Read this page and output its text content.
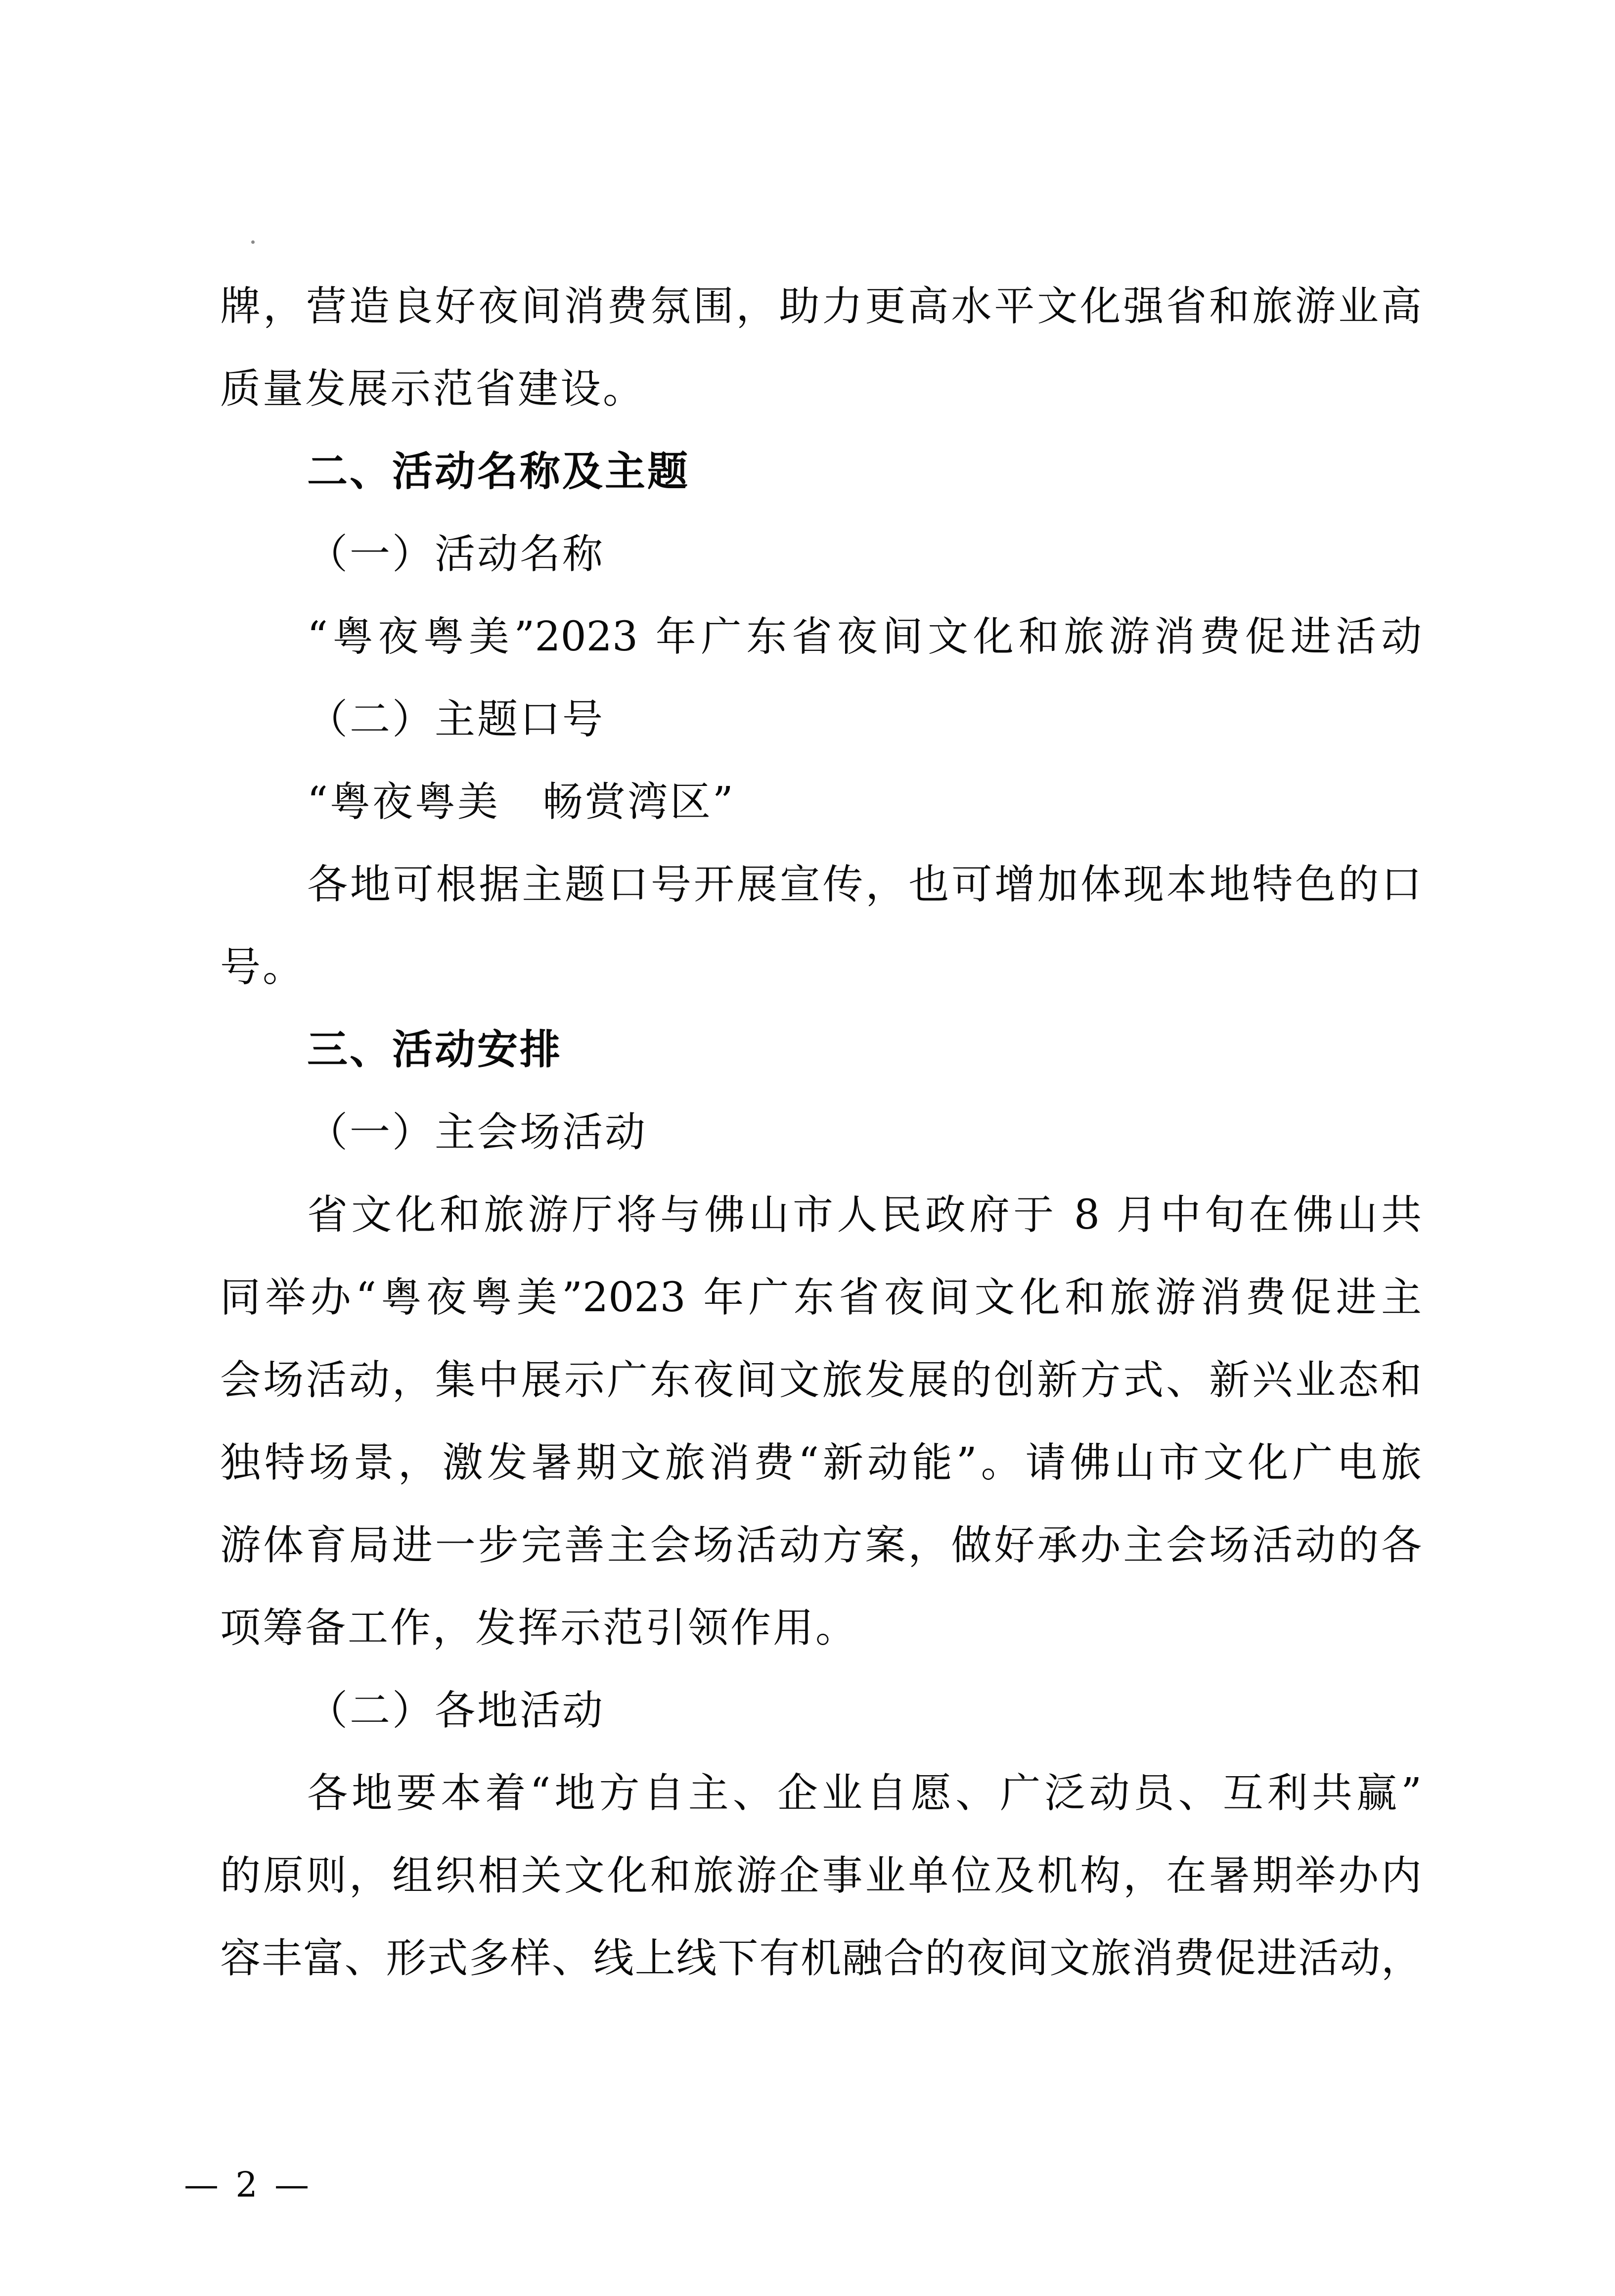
牌，营造良好夜间消费氛围，助力更高水平文化强省和旅游业高
质量发展示范省建设。
二、活动名称及主题
（一）活动名称
“粤夜粤美”2023 年广东省夜间文化和旅游消费促进活动
（二）主题口号
“粤夜粤美　畅赏湾区”
各地可根据主题口号开展宣传，也可增加体现本地特色的口
号。
三、活动安排
（一）主会场活动
省文化和旅游厅将与佛山市人民政府于 8 月中旬在佛山共
同举办“粤夜粤美”2023 年广东省夜间文化和旅游消费促进主
会场活动，集中展示广东夜间文旅发展的创新方式、新兴业态和
独特场景，激发暑期文旅消费“新动能”。请佛山市文化广电旅
游体育局进一步完善主会场活动方案，做好承办主会场活动的各
项筹备工作，发挥示范引领作用。
（二）各地活动
各地要本着“地方自主、企业自愿、广泛动员、互利共赢”
的原则，组织相关文化和旅游企事业单位及机构，在暑期举办内
容丰富、形式多样、线上线下有机融合的夜间文旅消费促进活动，
— 2 —
